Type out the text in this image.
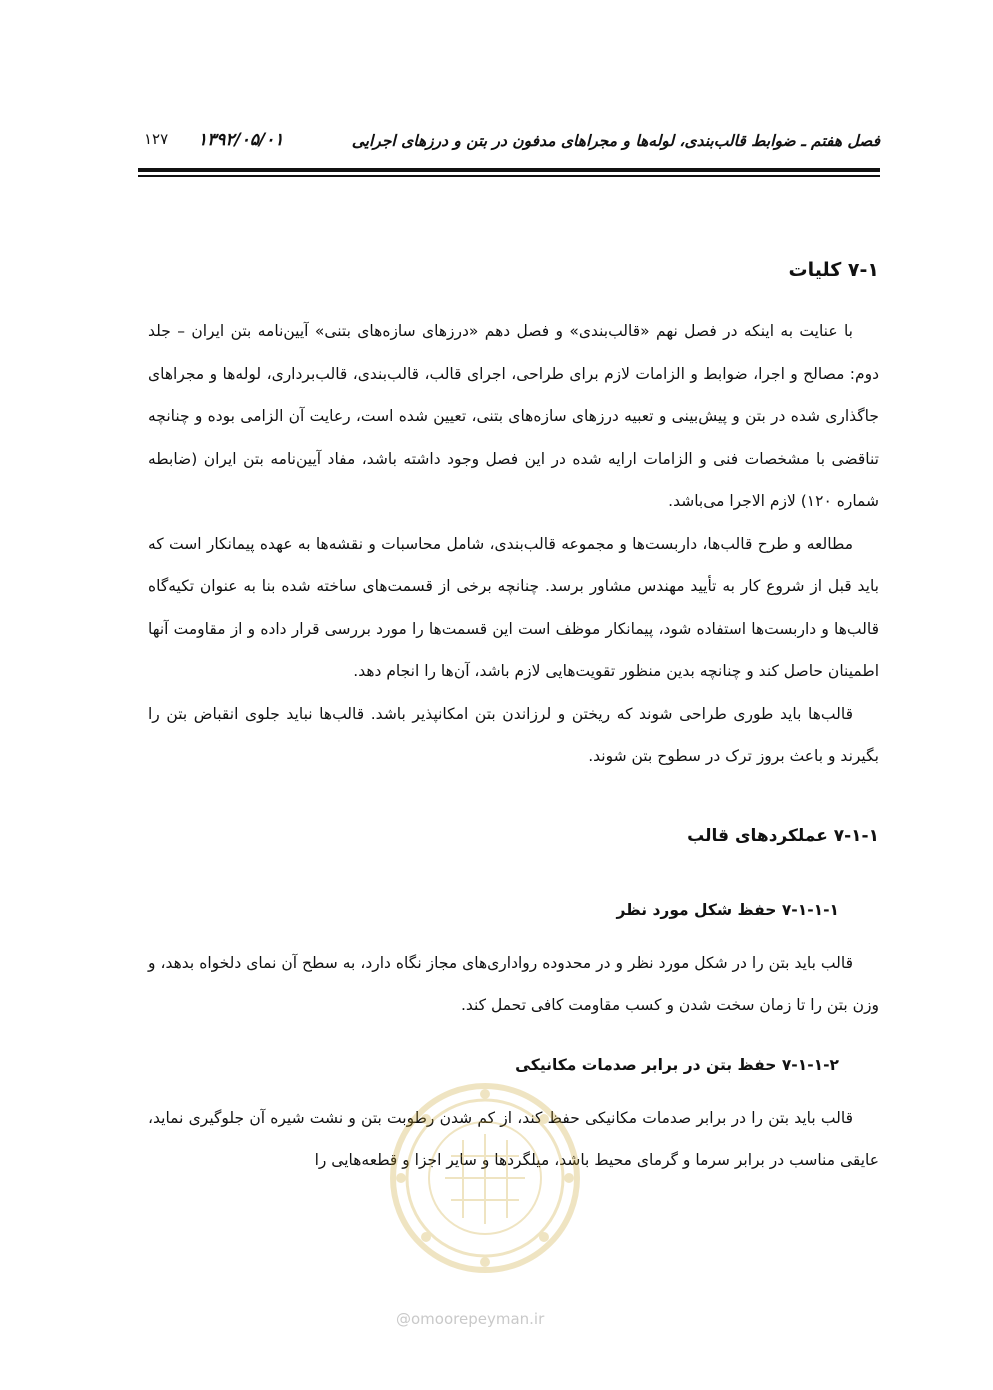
فصل هفتم ـ ضوابط قالب‌بندی، لوله‌ها و مجراهای مدفون در بتن و درزهای اجرایی
۱۳۹۲/۰۵/۰۱
۱۲۷
۷-۱ کلیات

با عنایت به اینکه در فصل نهم «قالب‌بندی» و فصل دهم «درزهای سازه‌های بتنی» آیین‌نامه بتن ایران – جلد دوم: مصالح و اجرا، ضوابط و الزامات لازم برای طراحی، اجرای قالب، قالب‌بندی، قالب‌برداری، لوله‌ها و مجراهای جاگذاری شده در بتن و پیش‌بینی و تعبیه درزهای سازه‌های بتنی، تعیین شده است، رعایت آن الزامی بوده و چنانچه تناقضی با مشخصات فنی و الزامات ارایه شده در این فصل وجود داشته باشد، مفاد آیین‌نامه بتن ایران (ضابطه شماره ۱۲۰) لازم الاجرا می‌باشد.

مطالعه و طرح قالب‌ها، داربست‌ها و مجموعه قالب‌بندی، شامل محاسبات و نقشه‌ها به عهده پیمانکار است که باید قبل از شروع کار به تأیید مهندس مشاور برسد. چنانچه برخی از قسمت‌های ساخته شده بنا به عنوان تکیه‌گاه قالب‌ها و داربست‌ها استفاده شود، پیمانکار موظف است این قسمت‌ها را مورد بررسی قرار داده و از مقاومت آنها اطمینان حاصل کند و چنانچه بدین منظور تقویت‌هایی لازم باشد، آن‌ها را انجام دهد.

قالب‌ها باید طوری طراحی شوند که ریختن و لرزاندن بتن امکانپذیر باشد. قالب‌ها نباید جلوی انقباض بتن را بگیرند و باعث بروز ترک در سطوح بتن شوند.

۷-۱-۱ عملکردهای قالب
۷-۱-۱-۱ حفظ شکل مورد نظر

قالب باید بتن را در شکل مورد نظر و در محدوده رواداری‌های مجاز نگاه دارد، به سطح آن نمای دلخواه بدهد، و وزن بتن را تا زمان سخت شدن و کسب مقاومت کافی تحمل کند.

۷-۱-۱-۲ حفظ بتن در برابر صدمات مکانیکی

قالب باید بتن را در برابر صدمات مکانیکی حفظ کند، از کم شدن رطوبت بتن و نشت شیره آن جلوگیری نماید، عایقی مناسب در برابر سرما و گرمای محیط باشد، میلگردها و سایر اجزا و قطعه‌هایی را

@omoorepeyman.ir
